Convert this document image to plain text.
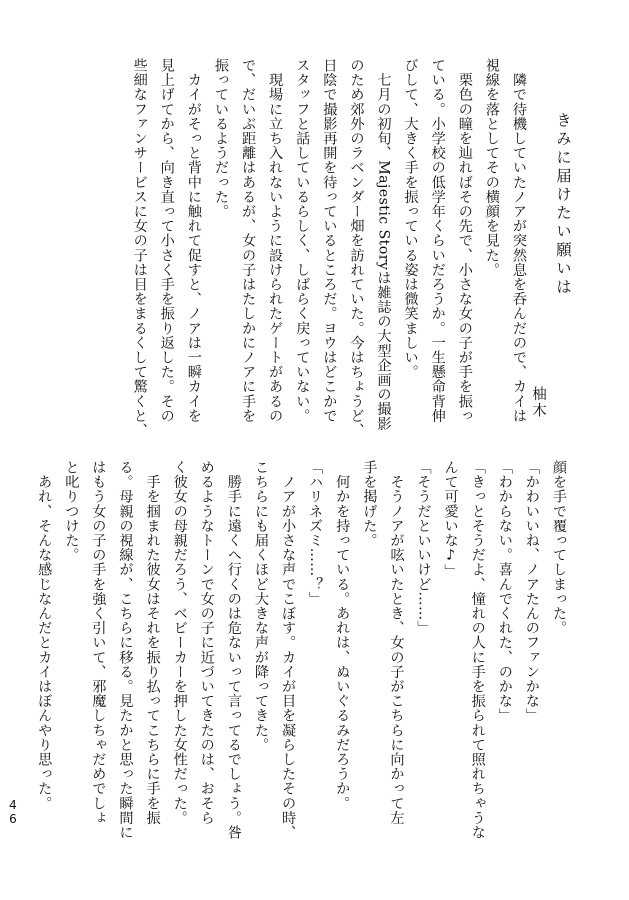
きみに届けたい願いは
柚木
　隣で待機していたノアが突然息を呑んだので、カイは
視線を落としてその横顔を見た。
　栗色の瞳を辿ればその先で、小さな女の子が手を振っ
ている。小学校の低学年くらいだろうか。一生懸命背伸
びして、大きく手を振っている姿は微笑ましい。
　七月の初旬、Majestic Storyは雑誌の大型企画の撮影
のため郊外のラベンダー畑を訪れていた。今はちょうど、
日陰で撮影再開を待っているところだ。ヨウはどこかで
スタッフと話しているらしく、しばらく戻っていない。
　現場に立ち入れないように設けられたゲートがあるの
で、だいぶ距離はあるが、女の子はたしかにノアに手を
振っているようだった。
　カイがそっと背中に触れて促すと、ノアは一瞬カイを
見上げてから、向き直って小さく手を振り返した。その
些細なファンサービスに女の子は目をまるくして驚くと、
顔を手で覆ってしまった。
「かわいいね、ノアたんのファンかな」
「わからない。喜んでくれた、のかな」
「きっとそうだよ、憧れの人に手を振られて照れちゃうな
んて可愛いな♪」
「そうだといいけど……」
　そうノアが呟いたとき、女の子がこちらに向かって左
手を掲げた。
　何かを持っている。あれは、ぬいぐるみだろうか。
「ハリネズミ……？」
　ノアが小さな声でこぼす。カイが目を凝らしたその時、
こちらにも届くほど大きな声が降ってきた。
　勝手に遠くへ行くのは危ないって言ってるでしょう。咎
めるようなトーンで女の子に近づいてきたのは、おそら
く彼女の母親だろう、ベビーカーを押した女性だった。
　手を掴まれた彼女はそれを振り払ってこちらに手を振
る。母親の視線が、こちらに移る。見たかと思った瞬間に
はもう女の子の手を強く引いて、邪魔しちゃだめでしょ
と叱りつけた。
　あれ、そんな感じなんだとカイはぼんやり思った。
46
